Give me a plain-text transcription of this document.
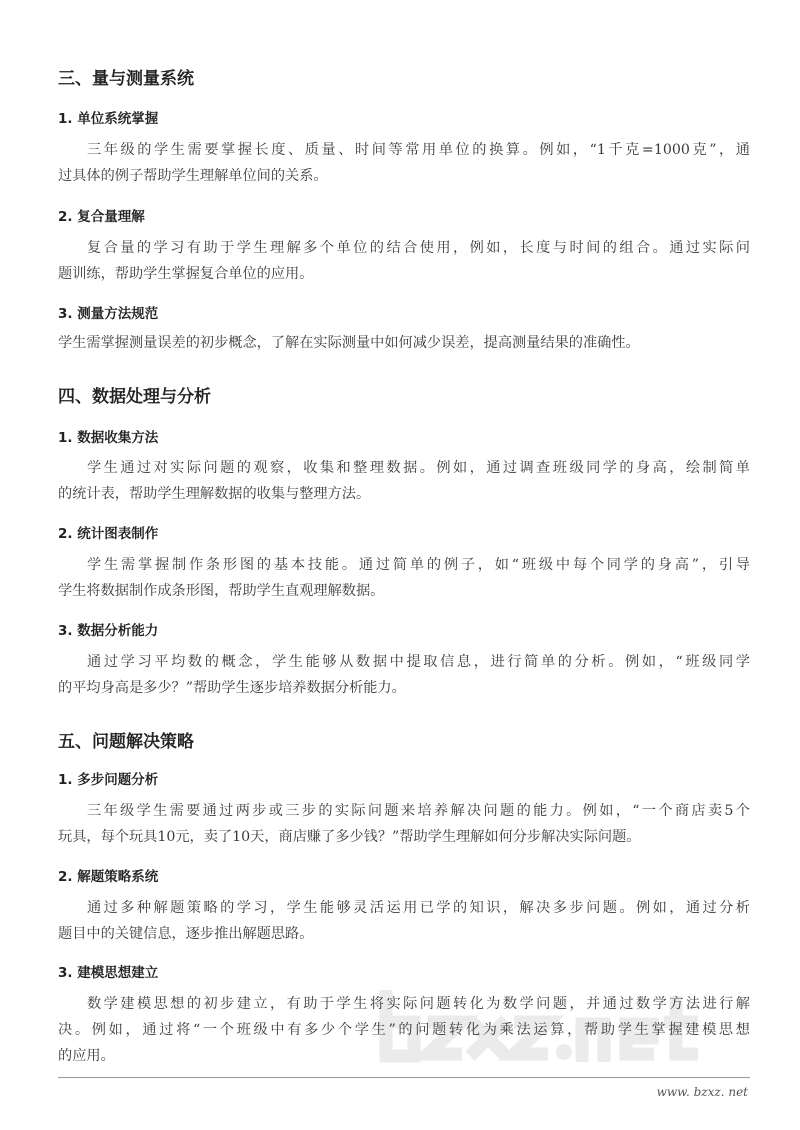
三、量与测量系统
1. 单位系统掌握
三年级的学生需要掌握长度、质量、时间等常用单位的换算。例如，“1千克=1000克”，通
过具体的例子帮助学生理解单位间的关系。
2. 复合量理解
复合量的学习有助于学生理解多个单位的结合使用，例如，长度与时间的组合。通过实际问
题训练，帮助学生掌握复合单位的应用。
3. 测量方法规范
学生需掌握测量误差的初步概念，了解在实际测量中如何减少误差，提高测量结果的准确性。
四、数据处理与分析
1. 数据收集方法
学生通过对实际问题的观察，收集和整理数据。例如，通过调查班级同学的身高，绘制简单
的统计表，帮助学生理解数据的收集与整理方法。
2. 统计图表制作
学生需掌握制作条形图的基本技能。通过简单的例子，如“班级中每个同学的身高”，引导
学生将数据制作成条形图，帮助学生直观理解数据。
3. 数据分析能力
通过学习平均数的概念，学生能够从数据中提取信息，进行简单的分析。例如，“班级同学
的平均身高是多少？”帮助学生逐步培养数据分析能力。
五、问题解决策略
1. 多步问题分析
三年级学生需要通过两步或三步的实际问题来培养解决问题的能力。例如，“一个商店卖5个
玩具，每个玩具10元，卖了10天，商店赚了多少钱？”帮助学生理解如何分步解决实际问题。
2. 解题策略系统
通过多种解题策略的学习，学生能够灵活运用已学的知识，解决多步问题。例如，通过分析
题目中的关键信息，逐步推出解题思路。
3. 建模思想建立
数学建模思想的初步建立，有助于学生将实际问题转化为数学问题，并通过数学方法进行解
决。例如，通过将“一个班级中有多少个学生”的问题转化为乘法运算，帮助学生掌握建模思想
的应用。
www. bzxz. net
